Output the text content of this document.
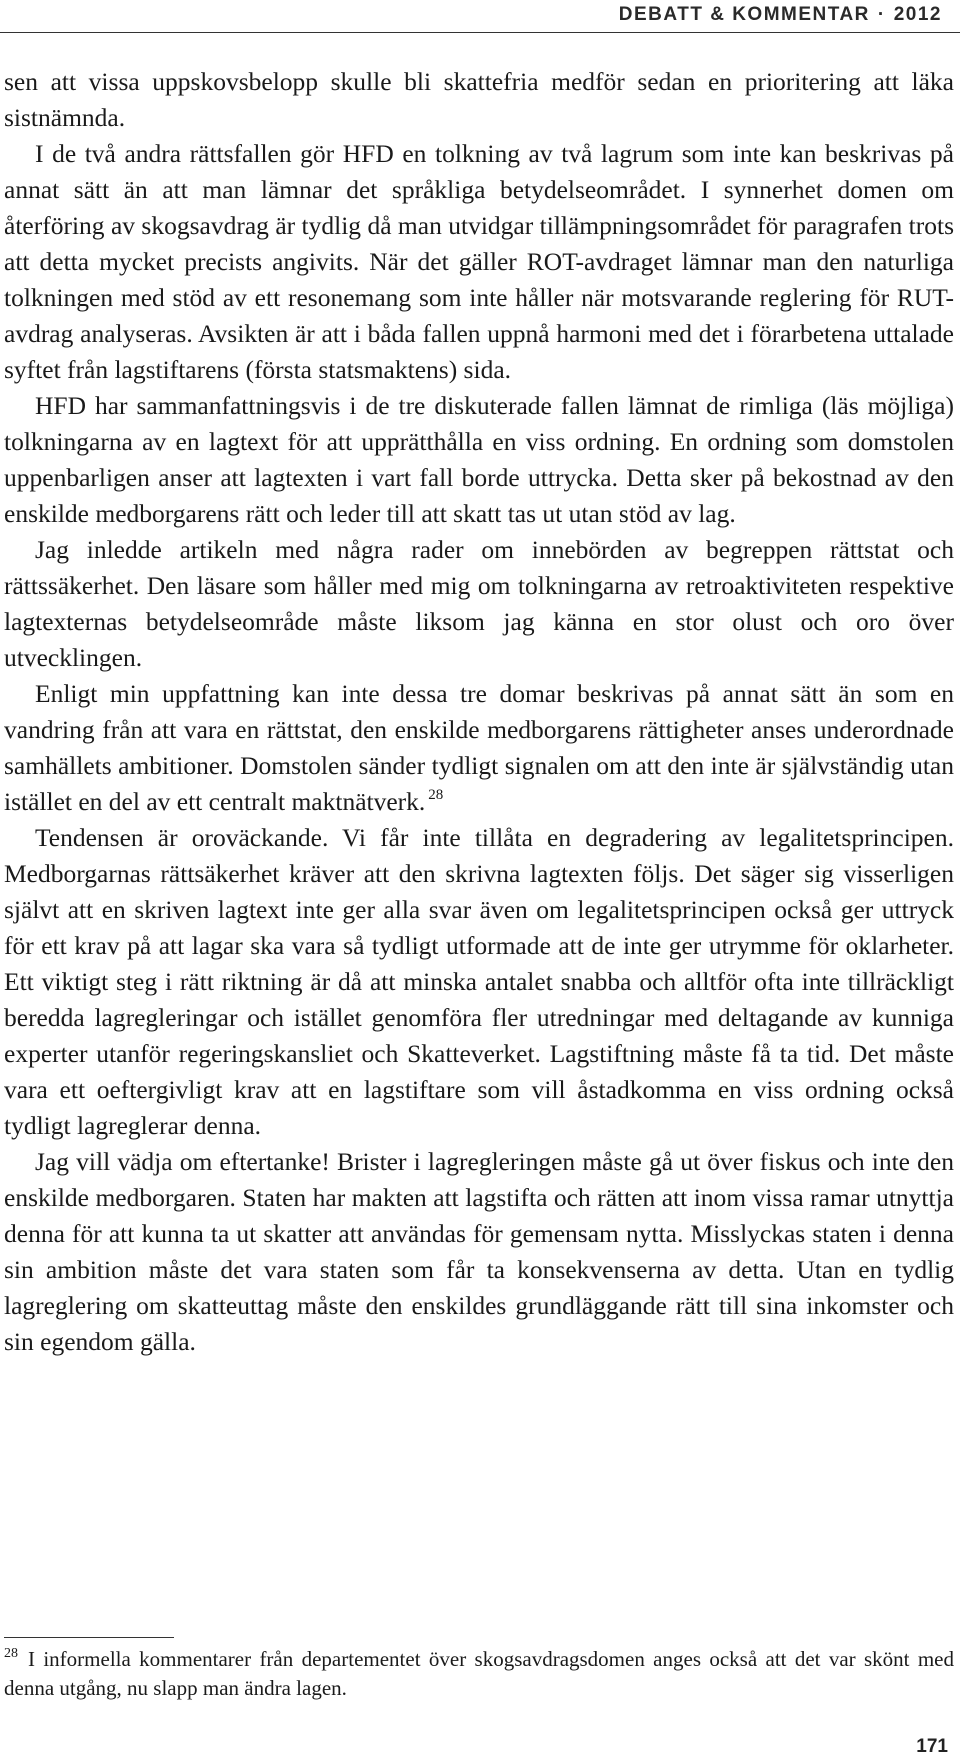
DEBATT & KOMMENTAR · 2012

sen att vissa uppskovsbelopp skulle bli skattefria medför sedan en prioritering att läka sistnämnda.

I de två andra rättsfallen gör HFD en tolkning av två lagrum som inte kan beskrivas på annat sätt än att man lämnar det språkliga betydelseområdet. I synnerhet domen om återföring av skogsavdrag är tydlig då man utvidgar tillämpningsområdet för paragrafen trots att detta mycket precists angivits. När det gäller ROT-avdraget lämnar man den naturliga tolkningen med stöd av ett resonemang som inte håller när motsvarande reglering för RUT-avdrag analyseras. Avsikten är att i båda fallen uppnå harmoni med det i förarbetena uttalade syftet från lagstiftarens (första statsmaktens) sida.

HFD har sammanfattningsvis i de tre diskuterade fallen lämnat de rimliga (läs möjliga) tolkningarna av en lagtext för att upprätthålla en viss ordning. En ordning som domstolen uppenbarligen anser att lagtexten i vart fall borde uttrycka. Detta sker på bekostnad av den enskilde medborgarens rätt och leder till att skatt tas ut utan stöd av lag.

Jag inledde artikeln med några rader om innebörden av begreppen rättstat och rättssäkerhet. Den läsare som håller med mig om tolkningarna av retroaktiviteten respektive lagtexternas betydelseområde måste liksom jag känna en stor olust och oro över utvecklingen.

Enligt min uppfattning kan inte dessa tre domar beskrivas på annat sätt än som en vandring från att vara en rättstat, den enskilde medborgarens rättigheter anses underordnade samhällets ambitioner. Domstolen sänder tydligt signalen om att den inte är självständig utan istället en del av ett centralt maktnätverk. $^{28}$

Tendensen är oroväckande. Vi får inte tillåta en degradering av legalitetsprincipen. Medborgarnas rättsäkerhet kräver att den skrivna lagtexten följs. Det säger sig visserligen självt att en skriven lagtext inte ger alla svar även om legalitetsprincipen också ger uttryck för ett krav på att lagar ska vara så tydligt utformade att de inte ger utrymme för oklarheter. Ett viktigt steg i rätt riktning är då att minska antalet snabba och alltför ofta inte tillräckligt beredda lagregleringar och istället genomföra fler utredningar med deltagande av kunniga experter utanför regeringskansliet och Skatteverket. Lagstiftning måste få ta tid. Det måste vara ett oeftergivligt krav att en lagstiftare som vill åstadkomma en viss ordning också tydligt lagreglerar denna.

Jag vill vädja om eftertanke! Brister i lagregleringen måste gå ut över fiskus och inte den enskilde medborgaren. Staten har makten att lagstifta och rätten att inom vissa ramar utnyttja denna för att kunna ta ut skatter att användas för gemensam nytta. Misslyckas staten i denna sin ambition måste det vara staten som får ta konsekvenserna av detta. Utan en tydlig lagreglering om skatteuttag måste den enskildes grundläggande rätt till sina inkomster och sin egendom gälla.

$^{28}$ I informella kommentarer från departementet över skogsavdragsdomen anges också att det var skönt med denna utgång, nu slapp man ändra lagen.
171
